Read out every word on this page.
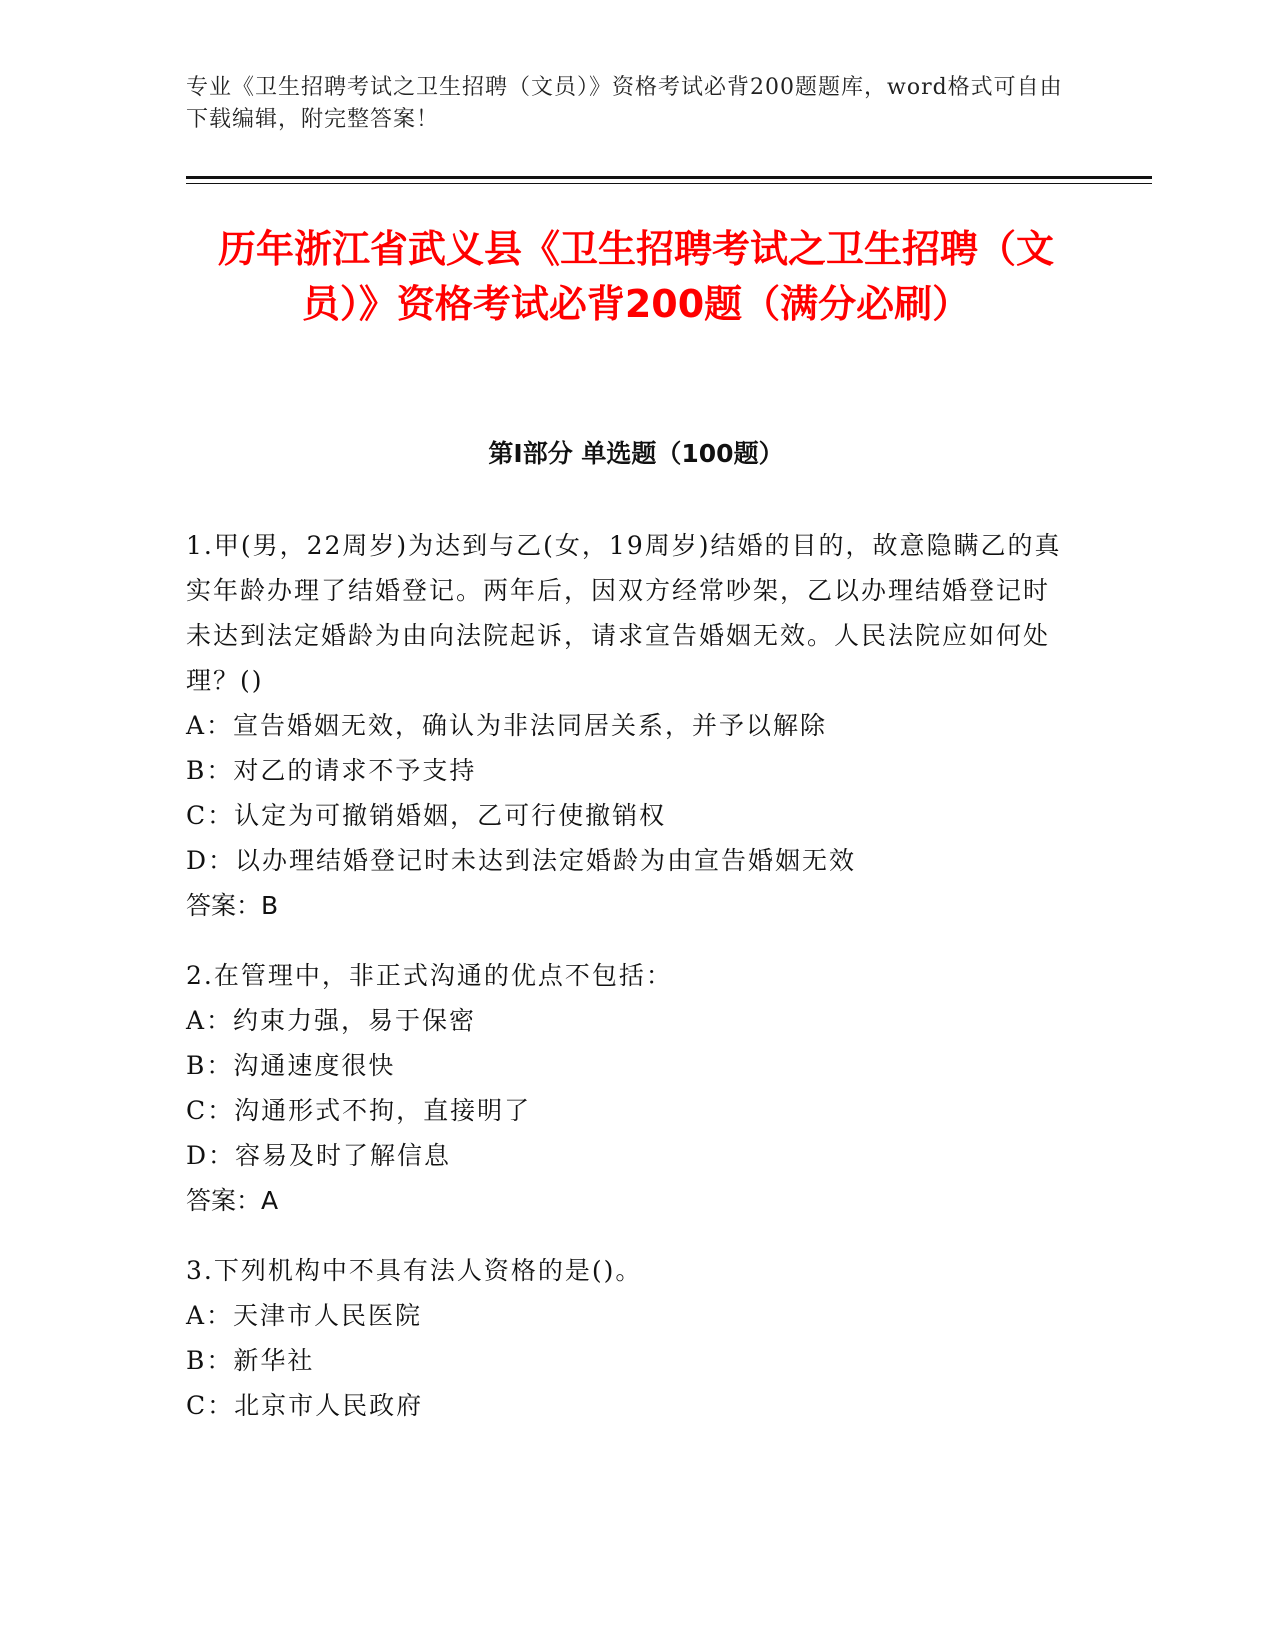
专业《卫生招聘考试之卫生招聘（文员）》资格考试必背200题题库，word格式可自由下载编辑，附完整答案！
历年浙江省武义县《卫生招聘考试之卫生招聘（文员）》资格考试必背200题（满分必刷）
第I部分 单选题（100题）

1.甲(男，22周岁)为达到与乙(女，19周岁)结婚的目的，故意隐瞒乙的真实年龄办理了结婚登记。两年后，因双方经常吵架，乙以办理结婚登记时未达到法定婚龄为由向法院起诉，请求宣告婚姻无效。人民法院应如何处理？()

A：宣告婚姻无效，确认为非法同居关系，并予以解除

B：对乙的请求不予支持

C：认定为可撤销婚姻，乙可行使撤销权

D：以办理结婚登记时未达到法定婚龄为由宣告婚姻无效

答案：B

2.在管理中，非正式沟通的优点不包括：

A：约束力强，易于保密

B：沟通速度很快

C：沟通形式不拘，直接明了

D：容易及时了解信息

答案：A

3.下列机构中不具有法人资格的是()。

A：天津市人民医院

B：新华社

C：北京市人民政府
